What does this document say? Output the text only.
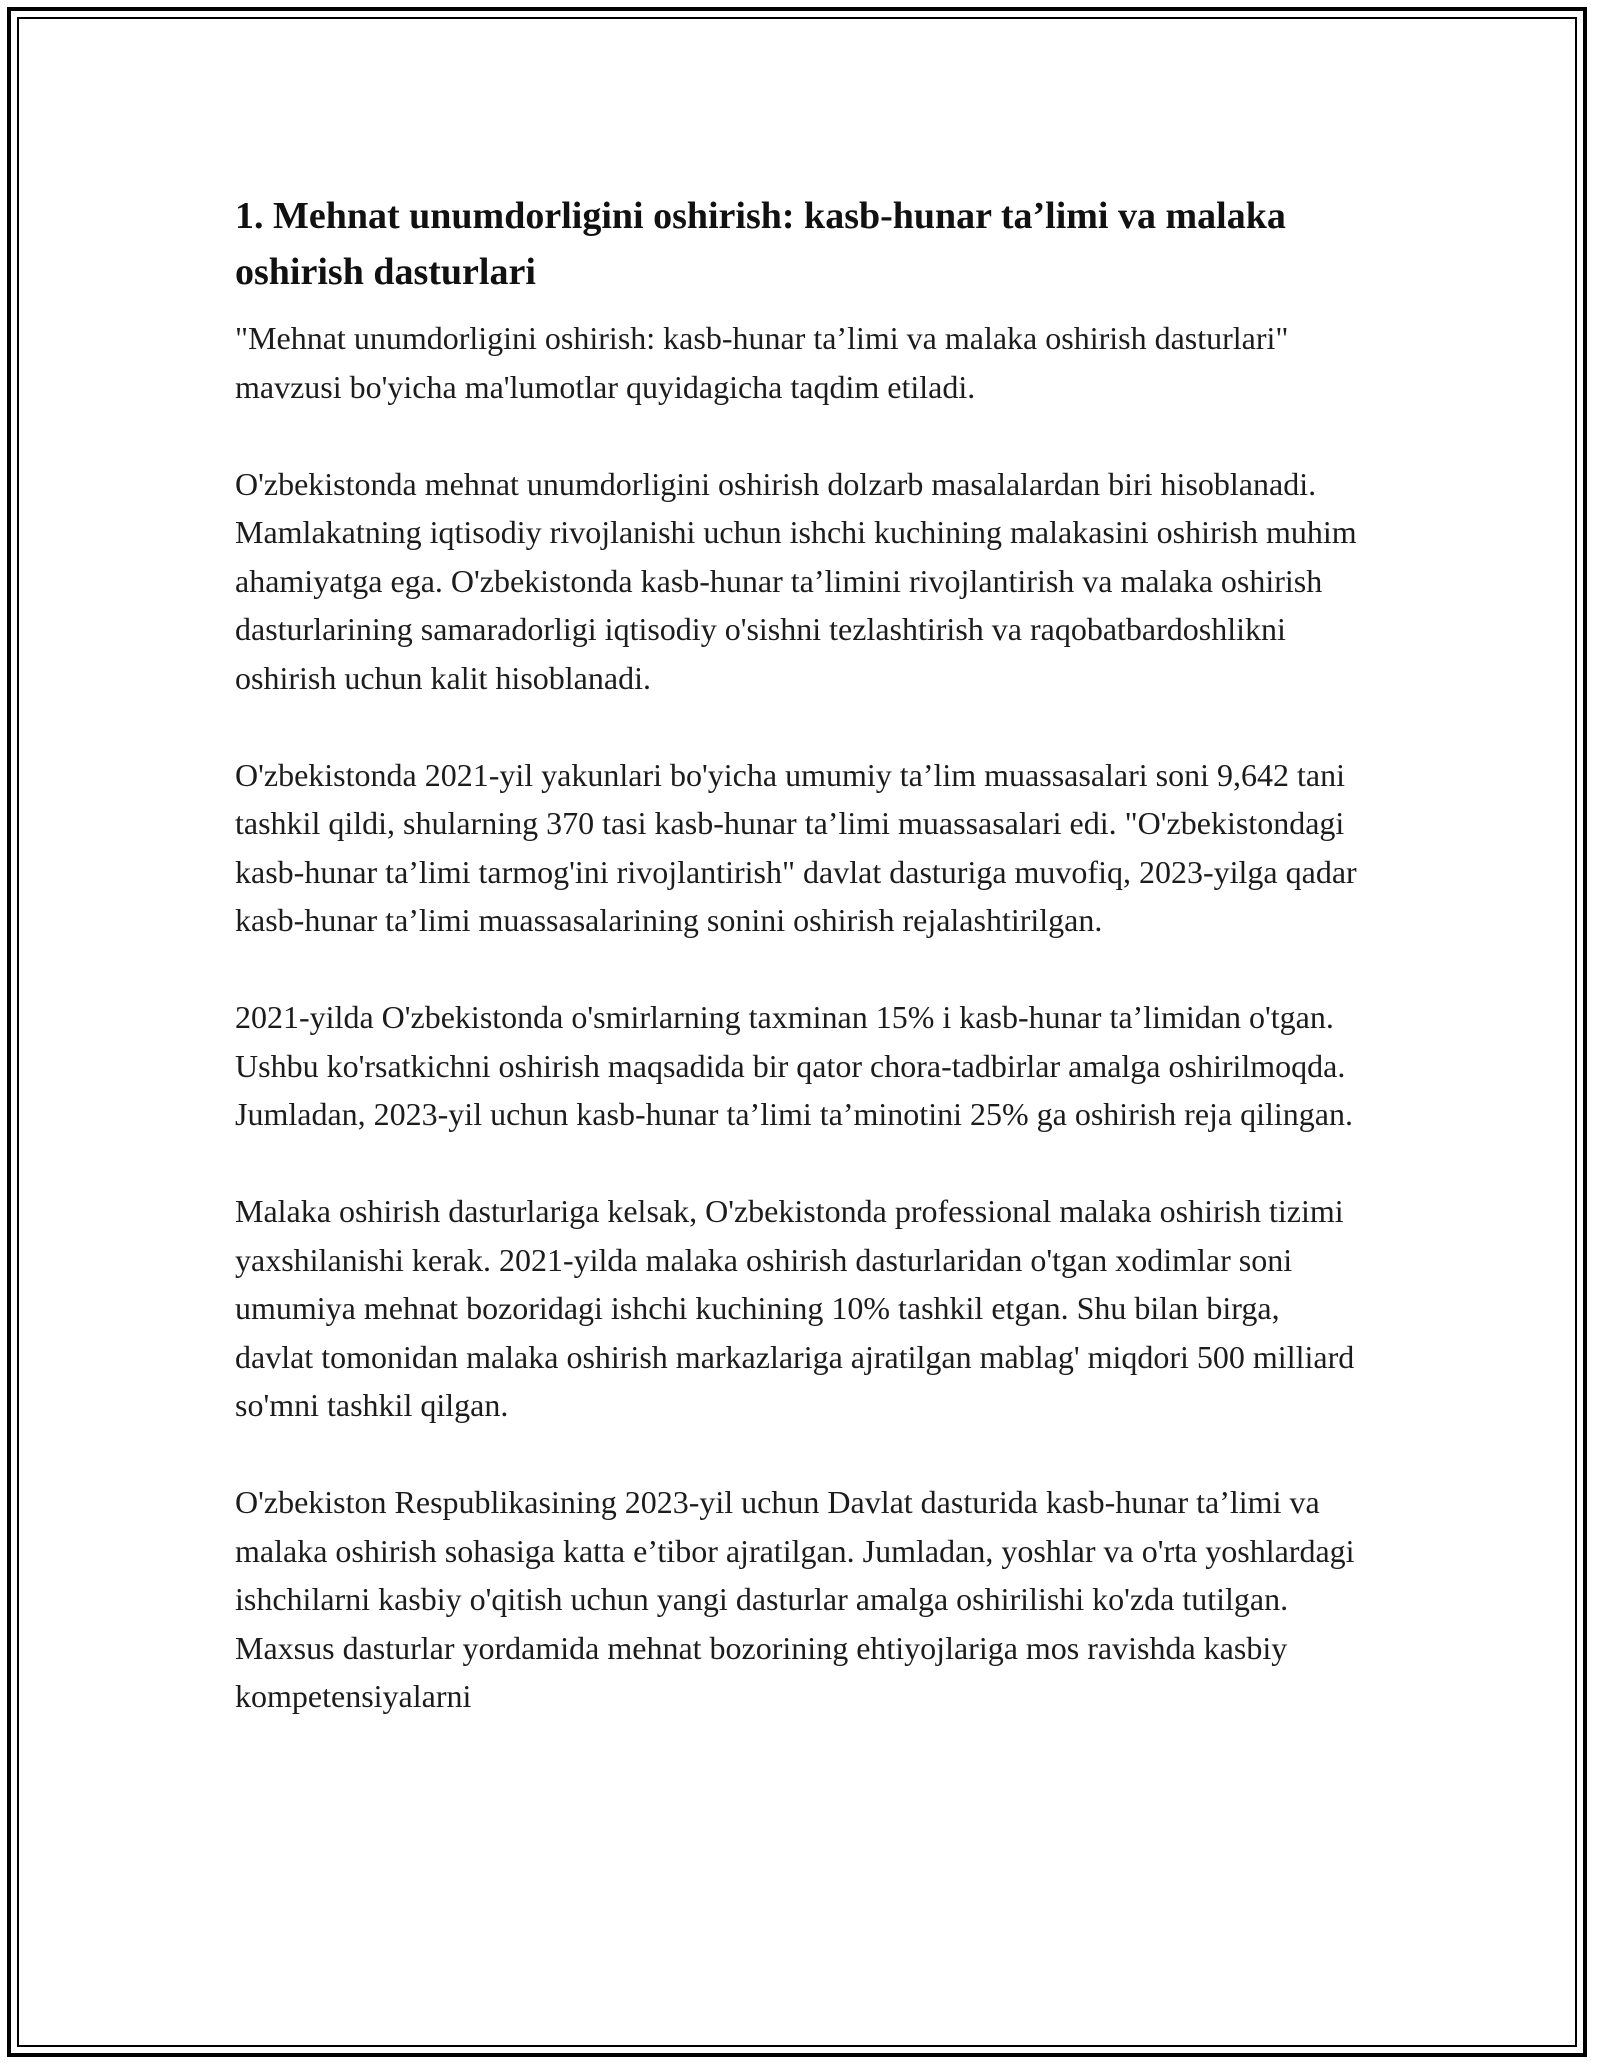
1. Mehnat unumdorligini oshirish: kasb-hunar ta’limi va malaka oshirish dasturlari

"Mehnat unumdorligini oshirish: kasb-hunar ta’limi va malaka oshirish dasturlari" mavzusi bo'yicha ma'lumotlar quyidagicha taqdim etiladi.

O'zbekistonda mehnat unumdorligini oshirish dolzarb masalalardan biri hisoblanadi. Mamlakatning iqtisodiy rivojlanishi uchun ishchi kuchining malakasini oshirish muhim ahamiyatga ega. O'zbekistonda kasb-hunar ta’limini rivojlantirish va malaka oshirish dasturlarining samaradorligi iqtisodiy o'sishni tezlashtirish va raqobatbardoshlikni oshirish uchun kalit hisoblanadi.

O'zbekistonda 2021-yil yakunlari bo'yicha umumiy ta’lim muassasalari soni 9,642 tani tashkil qildi, shularning 370 tasi kasb-hunar ta’limi muassasalari edi. "O'zbekistondagi kasb-hunar ta’limi tarmog'ini rivojlantirish" davlat dasturiga muvofiq, 2023-yilga qadar kasb-hunar ta’limi muassasalarining sonini oshirish rejalashtirilgan.

2021-yilda O'zbekistonda o'smirlarning taxminan 15% i kasb-hunar ta’limidan o'tgan. Ushbu ko'rsatkichni oshirish maqsadida bir qator chora-tadbirlar amalga oshirilmoqda. Jumladan, 2023-yil uchun kasb-hunar ta’limi ta’minotini 25% ga oshirish reja qilingan.

Malaka oshirish dasturlariga kelsak, O'zbekistonda professional malaka oshirish tizimi yaxshilanishi kerak. 2021-yilda malaka oshirish dasturlaridan o'tgan xodimlar soni umumiya mehnat bozoridagi ishchi kuchining 10% tashkil etgan. Shu bilan birga, davlat tomonidan malaka oshirish markazlariga ajratilgan mablag' miqdori 500 milliard so'mni tashkil qilgan.

O'zbekiston Respublikasining 2023-yil uchun Davlat dasturida kasb-hunar ta’limi va malaka oshirish sohasiga katta e’tibor ajratilgan. Jumladan, yoshlar va o'rta yoshlardagi ishchilarni kasbiy o'qitish uchun yangi dasturlar amalga oshirilishi ko'zda tutilgan. Maxsus dasturlar yordamida mehnat bozorining ehtiyojlariga mos ravishda kasbiy kompetensiyalarni
